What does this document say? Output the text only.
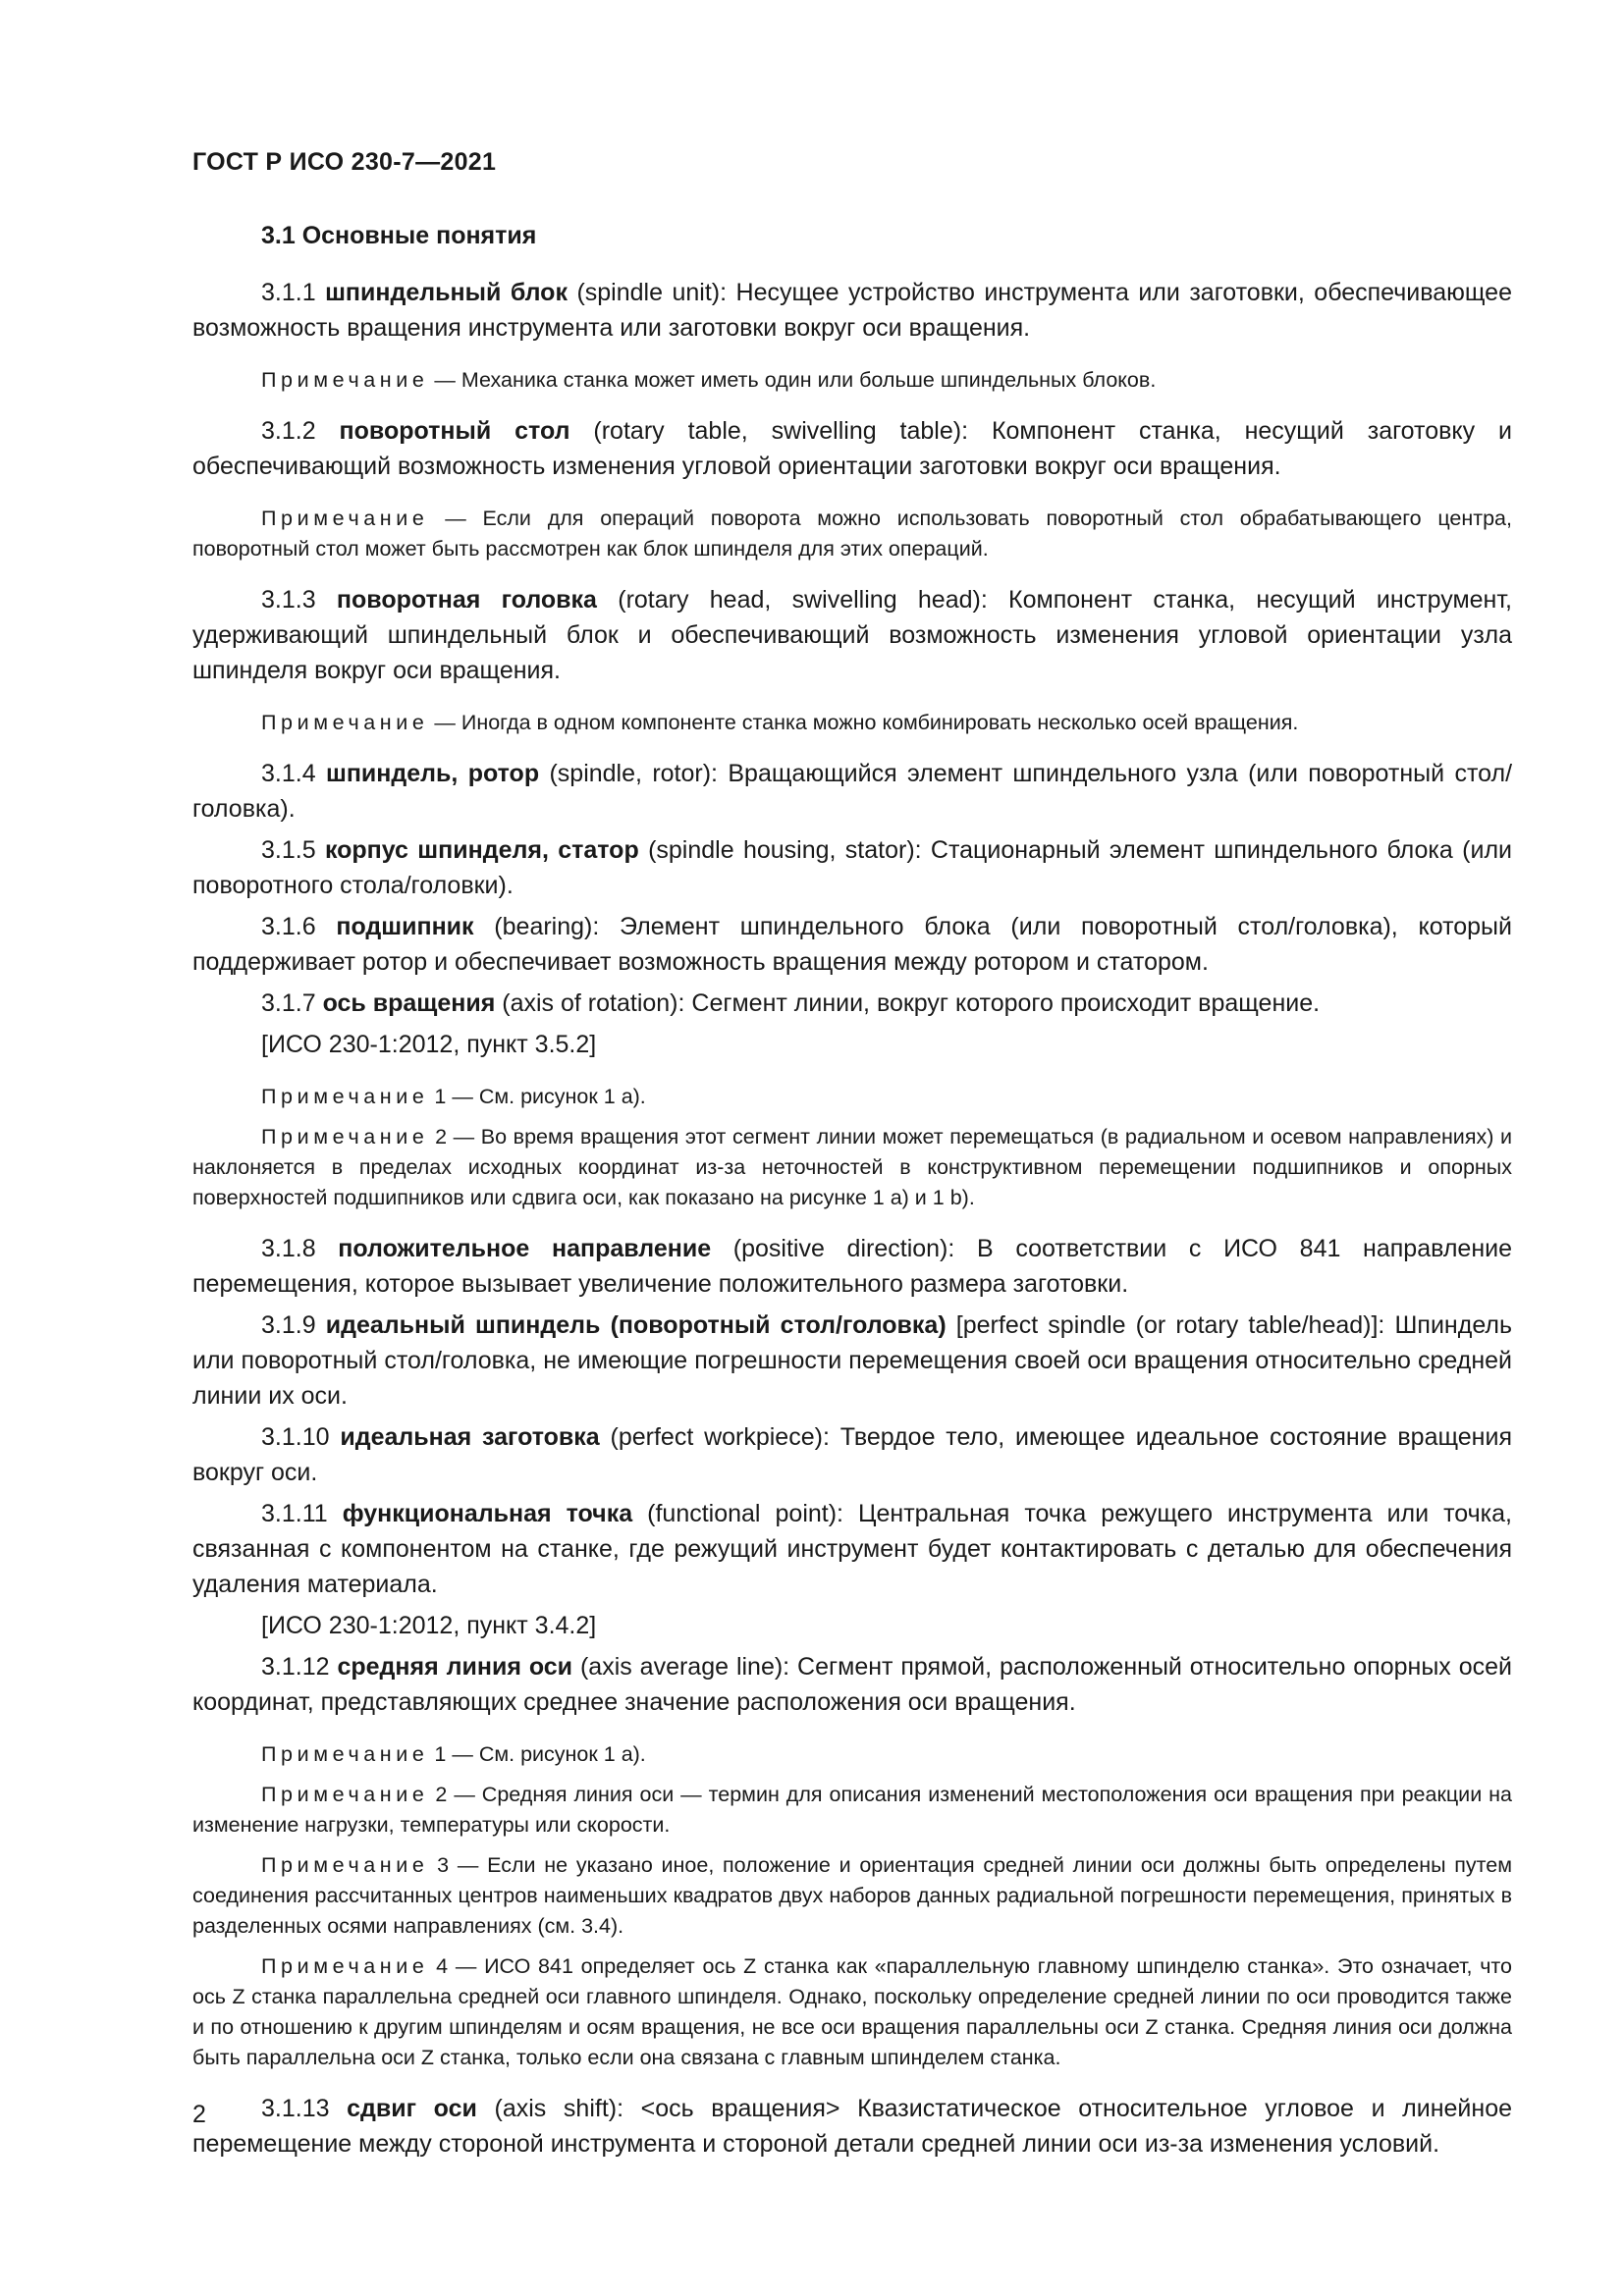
ГОСТ Р ИСО 230-7—2021
3.1 Основные понятия

3.1.1 шпиндельный блок (spindle unit): Несущее устройство инструмента или заготовки, обеспечивающее возможность вращения инструмента или заготовки вокруг оси вращения.

Примечание — Механика станка может иметь один или больше шпиндельных блоков.

3.1.2 поворотный стол (rotary table, swivelling table): Компонент станка, несущий заготовку и обеспечивающий возможность изменения угловой ориентации заготовки вокруг оси вращения.

Примечание — Если для операций поворота можно использовать поворотный стол обрабатывающего центра, поворотный стол может быть рассмотрен как блок шпинделя для этих операций.

3.1.3 поворотная головка (rotary head, swivelling head): Компонент станка, несущий инструмент, удерживающий шпиндельный блок и обеспечивающий возможность изменения угловой ориентации узла шпинделя вокруг оси вращения.

Примечание — Иногда в одном компоненте станка можно комбинировать несколько осей вращения.

3.1.4 шпиндель, ротор (spindle, rotor): Вращающийся элемент шпиндельного узла (или поворотный стол/головка).

3.1.5 корпус шпинделя, статор (spindle housing, stator): Стационарный элемент шпиндельного блока (или поворотного стола/головки).

3.1.6 подшипник (bearing): Элемент шпиндельного блока (или поворотный стол/головка), который поддерживает ротор и обеспечивает возможность вращения между ротором и статором.

3.1.7 ось вращения (axis of rotation): Сегмент линии, вокруг которого происходит вращение.

[ИСО 230-1:2012, пункт 3.5.2]

Примечание 1 — См. рисунок 1 а).

Примечание 2 — Во время вращения этот сегмент линии может перемещаться (в радиальном и осевом направлениях) и наклоняется в пределах исходных координат из-за неточностей в конструктивном перемещении подшипников и опорных поверхностей подшипников или сдвига оси, как показано на рисунке 1 а) и 1 b).

3.1.8 положительное направление (positive direction): В соответствии с ИСО 841 направление перемещения, которое вызывает увеличение положительного размера заготовки.

3.1.9 идеальный шпиндель (поворотный стол/головка) [perfect spindle (or rotary table/head)]: Шпиндель или поворотный стол/головка, не имеющие погрешности перемещения своей оси вращения относительно средней линии их оси.

3.1.10 идеальная заготовка (perfect workpiece): Твердое тело, имеющее идеальное состояние вращения вокруг оси.

3.1.11 функциональная точка (functional point): Центральная точка режущего инструмента или точка, связанная с компонентом на станке, где режущий инструмент будет контактировать с деталью для обеспечения удаления материала.

[ИСО 230-1:2012, пункт 3.4.2]

3.1.12 средняя линия оси (axis average line): Сегмент прямой, расположенный относительно опорных осей координат, представляющих среднее значение расположения оси вращения.

Примечание 1 — См. рисунок 1 а).

Примечание 2 — Средняя линия оси — термин для описания изменений местоположения оси вращения при реакции на изменение нагрузки, температуры или скорости.

Примечание 3 — Если не указано иное, положение и ориентация средней линии оси должны быть определены путем соединения рассчитанных центров наименьших квадратов двух наборов данных радиальной погрешности перемещения, принятых в разделенных осями направлениях (см. 3.4).

Примечание 4 — ИСО 841 определяет ось Z станка как «параллельную главному шпинделю станка». Это означает, что ось Z станка параллельна средней оси главного шпинделя. Однако, поскольку определение средней линии по оси проводится также и по отношению к другим шпинделям и осям вращения, не все оси вращения параллельны оси Z станка. Средняя линия оси должна быть параллельна оси Z станка, только если она связана с главным шпинделем станка.

3.1.13 сдвиг оси (axis shift): <ось вращения> Квазистатическое относительное угловое и линейное перемещение между стороной инструмента и стороной детали средней линии оси из-за изменения условий.

2
